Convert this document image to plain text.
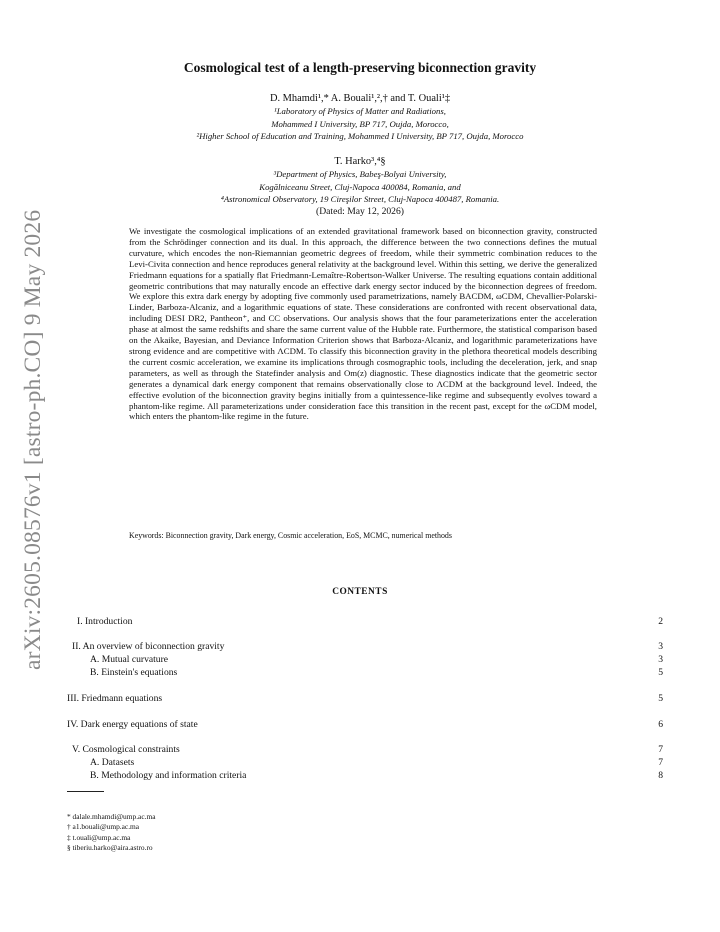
arXiv:2605.08576v1 [astro-ph.CO] 9 May 2026
Cosmological test of a length-preserving biconnection gravity
D. Mhamdi¹,* A. Bouali¹,²,† and T. Ouali¹‡
¹Laboratory of Physics of Matter and Radiations,
Mohammed I University, BP 717, Oujda, Morocco,
²Higher School of Education and Training, Mohammed I University, BP 717, Oujda, Morocco
T. Harko³,⁴§
³Department of Physics, Babeş-Bolyai University,
Kogălniceanu Street, Cluj-Napoca 400084, Romania, and
⁴Astronomical Observatory, 19 Cireşilor Street, Cluj-Napoca 400487, Romania.
(Dated: May 12, 2026)
We investigate the cosmological implications of an extended gravitational framework based on biconnection gravity, constructed from the Schrödinger connection and its dual. In this approach, the difference between the two connections defines the mutual curvature, which encodes the non-Riemannian geometric degrees of freedom, while their symmetric combination reduces to the Levi-Civita connection and hence reproduces general relativity at the background level. Within this setting, we derive the generalized Friedmann equations for a spatially flat Friedmann-Lemaître-Robertson-Walker Universe. The resulting equations contain additional geometric contributions that may naturally encode an effective dark energy sector induced by the biconnection degrees of freedom. We explore this extra dark energy by adopting five commonly used parametrizations, namely BACDM, ωCDM, Chevallier-Polarski-Linder, Barboza-Alcaniz, and a logarithmic equations of state. These considerations are confronted with recent observational data, including DESI DR2, Pantheon⁺, and CC observations. Our analysis shows that the four parameterizations enter the acceleration phase at almost the same redshifts and share the same current value of the Hubble rate. Furthermore, the statistical comparison based on the Akaike, Bayesian, and Deviance Information Criterion shows that Barboza-Alcaniz, and logarithmic parameterizations have strong evidence and are competitive with ΛCDM. To classify this biconnection gravity in the plethora theoretical models describing the current cosmic acceleration, we examine its implications through cosmographic tools, including the deceleration, jerk, and snap parameters, as well as through the Statefinder analysis and Om(z) diagnostic. These diagnostics indicate that the geometric sector generates a dynamical dark energy component that remains observationally close to ΛCDM at the background level. Indeed, the effective evolution of the biconnection gravity begins initially from a quintessence-like regime and subsequently evolves toward a phantom-like regime. All parameterizations under consideration face this transition in the recent past, except for the ωCDM model, which enters the phantom-like regime in the future.
Keywords: Biconnection gravity, Dark energy, Cosmic acceleration, EoS, MCMC, numerical methods
CONTENTS
I. Introduction	2
II. An overview of biconnection gravity	3
A. Mutual curvature	3
B. Einstein's equations	5
III. Friedmann equations	5
IV. Dark energy equations of state	6
V. Cosmological constraints	7
A. Datasets	7
B. Methodology and information criteria	8
* dalale.mhamdi@ump.ac.ma
† a1.bouali@ump.ac.ma
‡ t.ouali@ump.ac.ma
§ tiberiu.harko@aira.astro.ro
